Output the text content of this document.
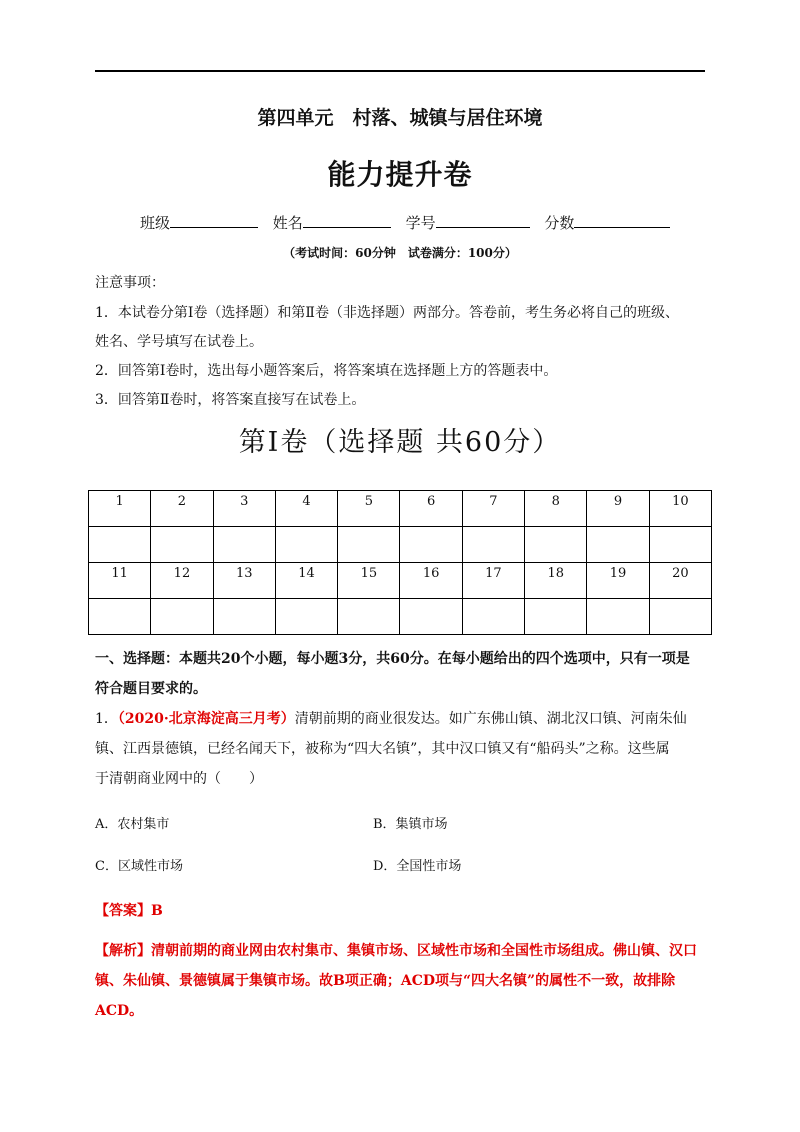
第四单元　村落、城镇与居住环境
能力提升卷
班级	姓名	学号	分数
（考试时间：60分钟　试卷满分：100分）
注意事项：
1．本试卷分第Ⅰ卷（选择题）和第Ⅱ卷（非选择题）两部分。答卷前，考生务必将自己的班级、
姓名、学号填写在试卷上。
2．回答第Ⅰ卷时，选出每小题答案后，将答案填在选择题上方的答题表中。
3．回答第Ⅱ卷时，将答案直接写在试卷上。
第Ⅰ卷（选择题 共60分）
1	2	3	4	5	6	7	8	9	10

11	12	13	14	15	16	17	18	19	20

一、选择题：本题共20个小题，每小题3分，共60分。在每小题给出的四个选项中，只有一项是
符合题目要求的。
1．（2020·北京海淀高三月考）清朝前期的商业很发达。如广东佛山镇、湖北汉口镇、河南朱仙
镇、江西景德镇，已经名闻天下，被称为“四大名镇”，其中汉口镇又有“船码头”之称。这些属
于清朝商业网中的（　　）
A．农村集市	B．集镇市场
C．区域性市场	D．全国性市场
【答案】B
【解析】清朝前期的商业网由农村集市、集镇市场、区域性市场和全国性市场组成。佛山镇、汉口
镇、朱仙镇、景德镇属于集镇市场。故B项正确；ACD项与“四大名镇”的属性不一致，故排除
ACD。
